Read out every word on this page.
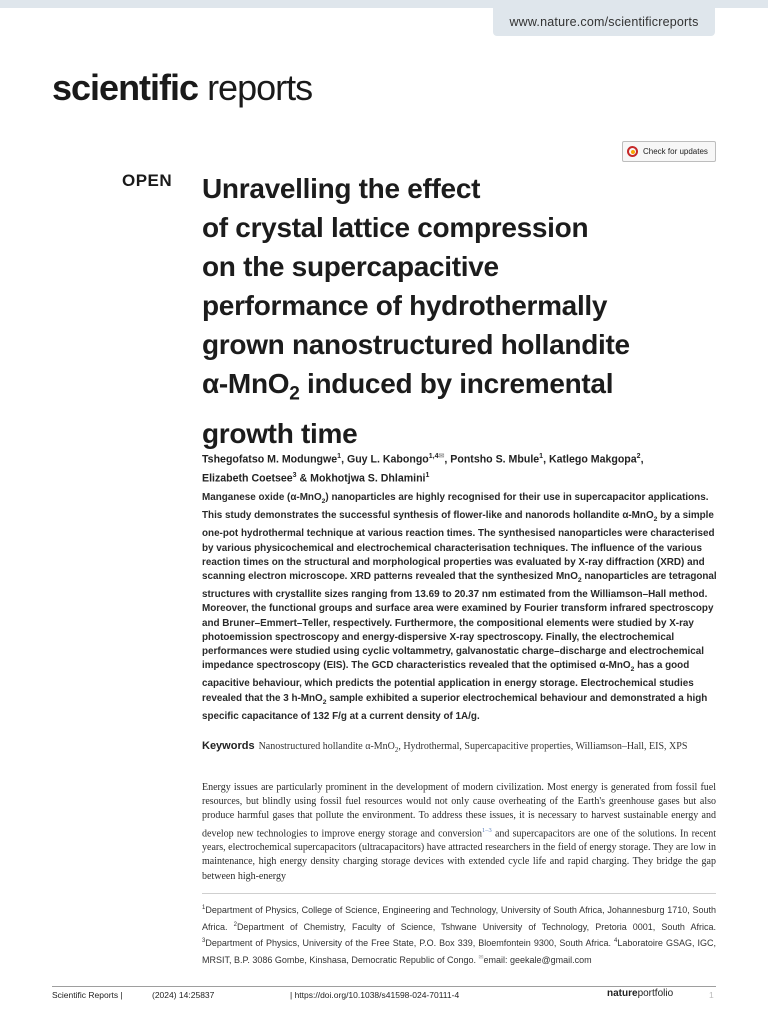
www.nature.com/scientificreports
scientific reports
Check for updates
OPEN Unravelling the effect
of crystal lattice compression
on the supercapacitive
performance of hydrothermally
grown nanostructured hollandite
α-MnO$_2$ induced by incremental
growth time
Tshegofatso M. Modungwe$^1$, Guy L. Kabongo$^{1,4✉}$, Pontsho S. Mbule$^1$, Katlego Makgopa$^2$,
Elizabeth Coetsee$^3$ & Mokhotjwa S. Dhlamini$^1$

Manganese oxide (α-MnO$_2$) nanoparticles are highly recognised for their use in supercapacitor applications. This study demonstrates the successful synthesis of flower-like and nanorods hollandite α-MnO$_2$ by a simple one-pot hydrothermal technique at various reaction times. The synthesised nanoparticles were characterised by various physicochemical and electrochemical characterisation techniques. The influence of the various reaction times on the structural and morphological properties was evaluated by X-ray diffraction (XRD) and scanning electron microscope. XRD patterns revealed that the synthesized MnO$_2$ nanoparticles are tetragonal structures with crystallite sizes ranging from 13.69 to 20.37 nm estimated from the Williamson–Hall method. Moreover, the functional groups and surface area were examined by Fourier transform infrared spectroscopy and Bruner–Emmert–Teller, respectively. Furthermore, the compositional elements were studied by X-ray photoemission spectroscopy and energy-dispersive X-ray spectroscopy. Finally, the electrochemical performances were studied using cyclic voltammetry, galvanostatic charge–discharge and electrochemical impedance spectroscopy (EIS). The GCD characteristics revealed that the optimised α-MnO$_2$ has a good capacitive behaviour, which predicts the potential application in energy storage. Electrochemical studies revealed that the 3 h-MnO$_2$ sample exhibited a superior electrochemical behaviour and demonstrated a high specific capacitance of 132 F/g at a current density of 1A/g.

Keywords Nanostructured hollandite α-MnO$_2$, Hydrothermal, Supercapacitive properties, Williamson–Hall, EIS, XPS

Energy issues are particularly prominent in the development of modern civilization. Most energy is generated from fossil fuel resources, but blindly using fossil fuel resources would not only cause overheating of the Earth's greenhouse gases but also produce harmful gases that pollute the environment. To address these issues, it is necessary to harvest sustainable energy and develop new technologies to improve energy storage and conversion$^{1-3}$ and supercapacitors are one of the solutions. In recent years, electrochemical supercapacitors (ultracapacitors) have attracted researchers in the field of energy storage. They are low in maintenance, high energy density charging storage devices with extended cycle life and rapid charging. They bridge the gap between high-energy

$^1$Department of Physics, College of Science, Engineering and Technology, University of South Africa, Johannesburg 1710, South Africa. $^2$Department of Chemistry, Faculty of Science, Tshwane University of Technology, Pretoria 0001, South Africa. $^3$Department of Physics, University of the Free State, P.O. Box 339, Bloemfontein 9300, South Africa. $^4$Laboratoire GSAG, IGC, MRSIT, B.P. 3086 Gombe, Kinshasa, Democratic Republic of Congo. ✉email: geekale@gmail.com

Scientific Reports |	(2024) 14:25837	| https://doi.org/10.1038/s41598-024-70111-4	nature portfolio	1
